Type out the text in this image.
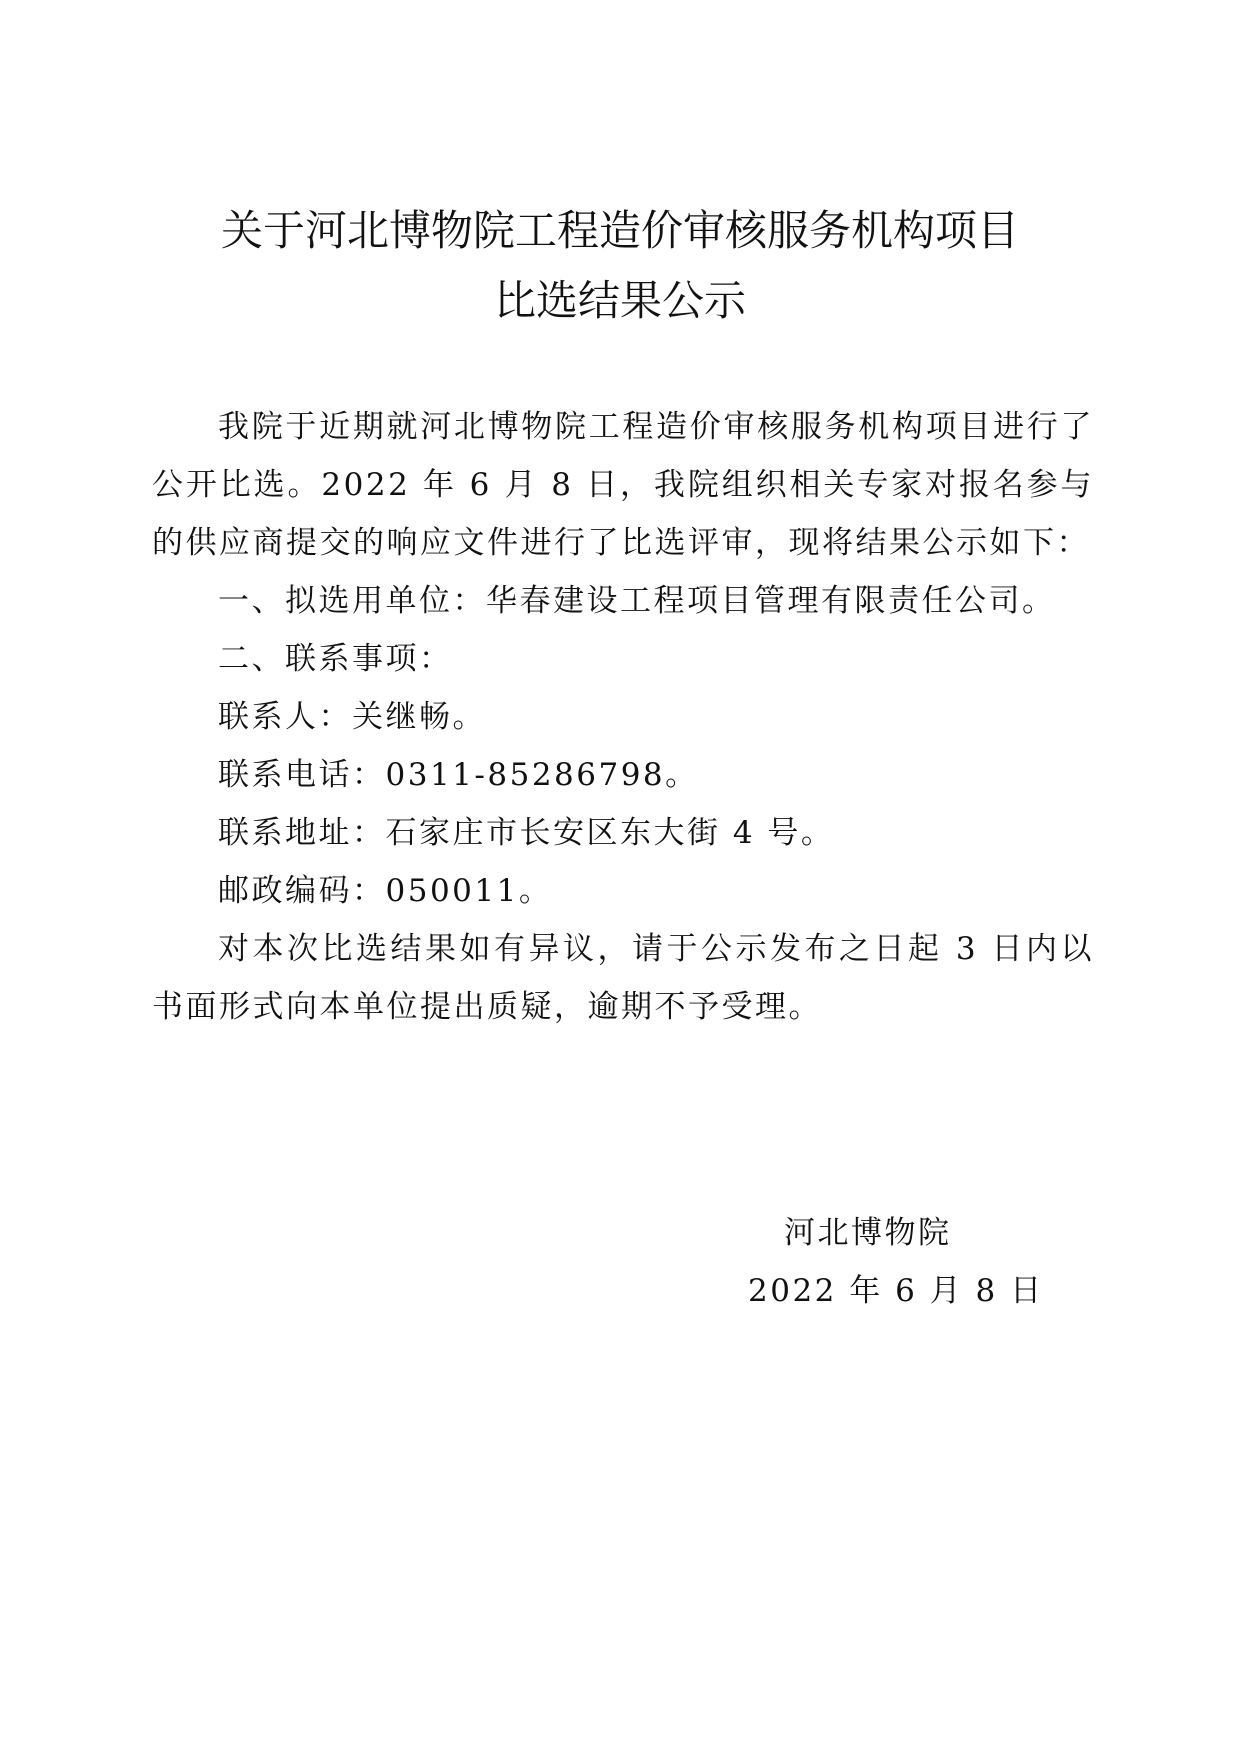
关于河北博物院工程造价审核服务机构项目
比选结果公示
我院于近期就河北博物院工程造价审核服务机构项目进行了公开比选。2022 年 6 月 8 日，我院组织相关专家对报名参与的供应商提交的响应文件进行了比选评审，现将结果公示如下：
一、拟选用单位：华春建设工程项目管理有限责任公司。
二、联系事项：
联系人：关继畅。
联系电话：0311-85286798。
联系地址：石家庄市长安区东大街 4 号。
邮政编码：050011。
对本次比选结果如有异议，请于公示发布之日起 3 日内以书面形式向本单位提出质疑，逾期不予受理。
河北博物院
2022 年 6 月 8 日
